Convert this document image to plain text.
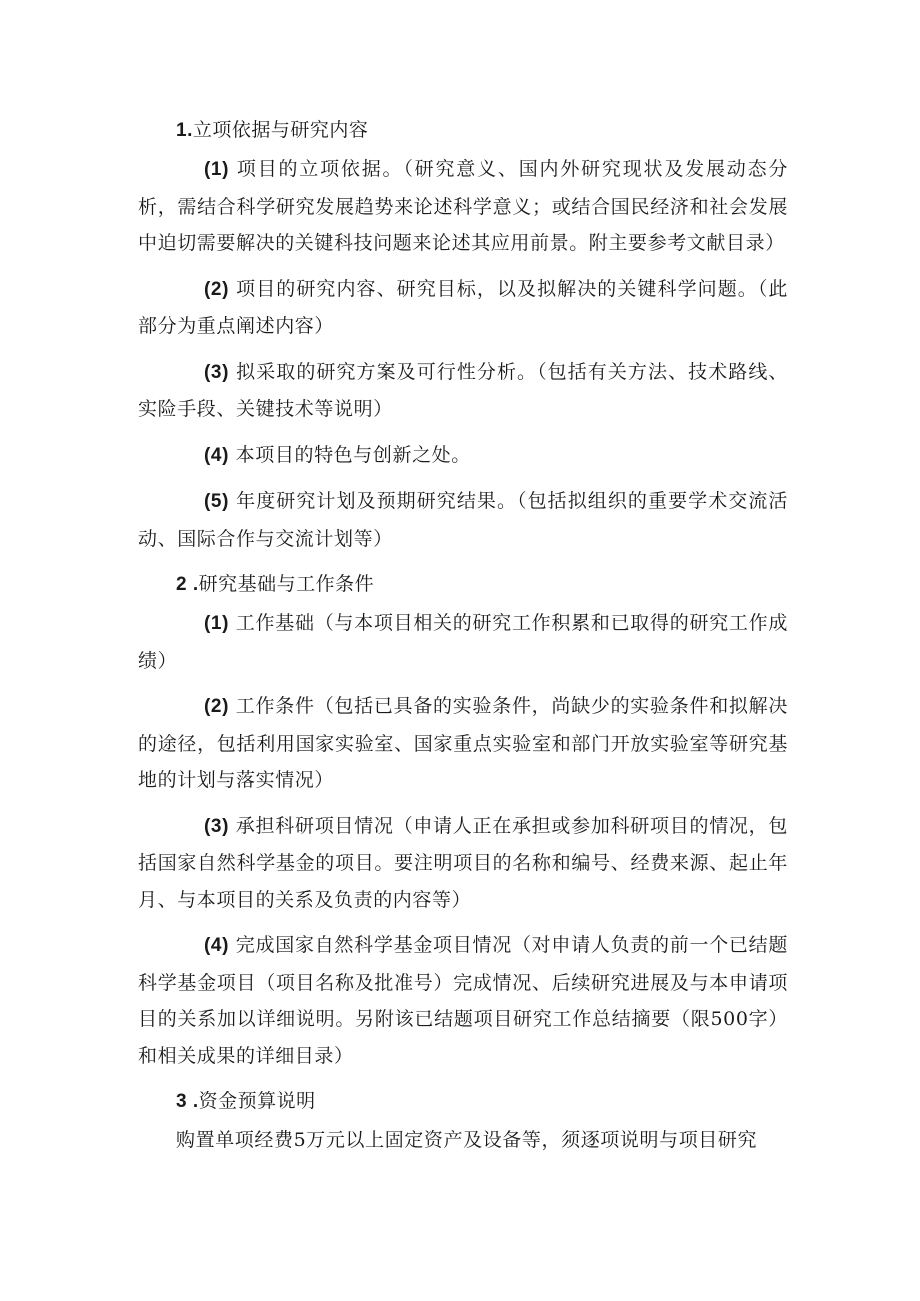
1.立项依据与研究内容

(1) 项目的立项依据。（研究意义、国内外研究现状及发展动态分析，需结合科学研究发展趋势来论述科学意义；或结合国民经济和社会发展中迫切需要解决的关键科技问题来论述其应用前景。附主要参考文献目录）

(2) 项目的研究内容、研究目标，以及拟解决的关键科学问题。（此部分为重点阐述内容）

(3) 拟采取的研究方案及可行性分析。（包括有关方法、技术路线、实险手段、关键技术等说明）

(4) 本项目的特色与创新之处。

(5) 年度研究计划及预期研究结果。（包括拟组织的重要学术交流活动、国际合作与交流计划等）

2 .研究基础与工作条件

(1) 工作基础（与本项目相关的研究工作积累和已取得的研究工作成绩）

(2) 工作条件（包括已具备的实验条件，尚缺少的实验条件和拟解决的途径，包括利用国家实验室、国家重点实验室和部门开放实验室等研究基地的计划与落实情况）

(3) 承担科研项目情况（申请人正在承担或参加科研项目的情况，包括国家自然科学基金的项目。要注明项目的名称和编号、经费来源、起止年月、与本项目的关系及负责的内容等）

(4) 完成国家自然科学基金项目情况（对申请人负责的前一个已结题科学基金项目（项目名称及批准号）完成情况、后续研究进展及与本申请项目的关系加以详细说明。另附该已结题项目研究工作总结摘要（限500字）和相关成果的详细目录）

3 .资金预算说明

购置单项经费5万元以上固定资产及设备等，须逐项说明与项目研究
